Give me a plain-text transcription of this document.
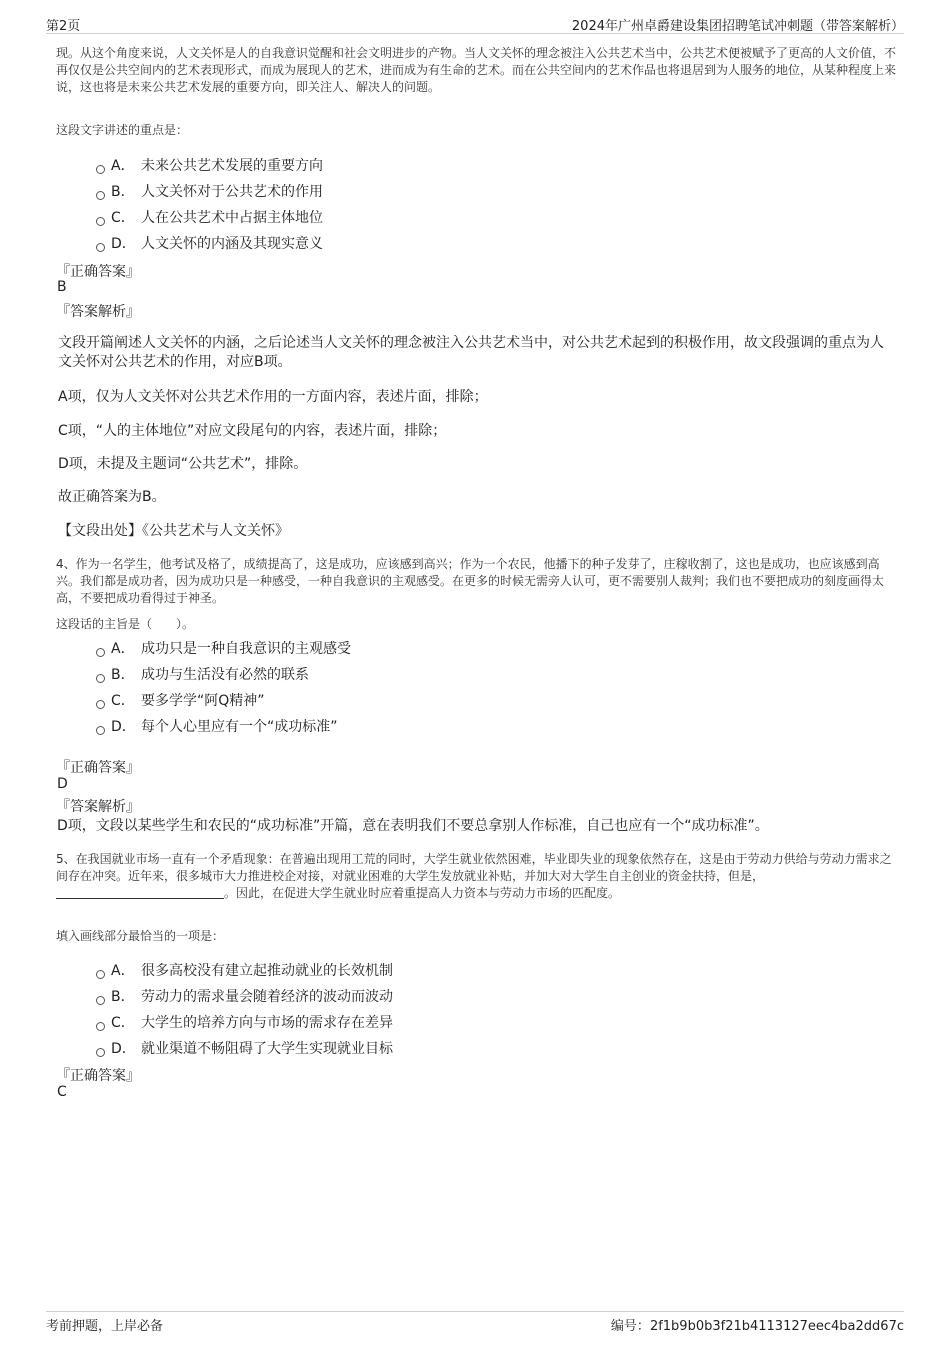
第2页	2024年广州卓爵建设集团招聘笔试冲刺题（带答案解析）
现。从这个角度来说，人文关怀是人的自我意识觉醒和社会文明进步的产物。当人文关怀的理念被注入公共艺术当中，公共艺术便被赋予了更高的人文价值，不再仅仅是公共空间内的艺术表现形式，而成为展现人的艺术，进而成为有生命的艺术。而在公共空间内的艺术作品也将退居到为人服务的地位，从某种程度上来说，这也将是未来公共艺术发展的重要方向，即关注人、解决人的问题。
这段文字讲述的重点是：
A． 未来公共艺术发展的重要方向
B． 人文关怀对于公共艺术的作用
C． 人在公共艺术中占据主体地位
D． 人文关怀的内涵及其现实意义
『正确答案』
B
『答案解析』
文段开篇阐述人文关怀的内涵，之后论述当人文关怀的理念被注入公共艺术当中，对公共艺术起到的积极作用，故文段强调的重点为人文关怀对公共艺术的作用，对应B项。
A项，仅为人文关怀对公共艺术作用的一方面内容，表述片面，排除；
C项，“人的主体地位”对应文段尾句的内容，表述片面，排除；
D项，未提及主题词“公共艺术”，排除。
故正确答案为B。
【文段出处】《公共艺术与人文关怀》
4、作为一名学生，他考试及格了，成绩提高了，这是成功，应该感到高兴；作为一个农民，他播下的种子发芽了，庄稼收割了，这也是成功，也应该感到高兴。我们都是成功者，因为成功只是一种感受，一种自我意识的主观感受。在更多的时候无需旁人认可，更不需要别人裁判；我们也不要把成功的刻度画得太高，不要把成功看得过于神圣。
这段话的主旨是（　　）。
A． 成功只是一种自我意识的主观感受
B． 成功与生活没有必然的联系
C． 要多学学“阿Q精神”
D． 每个人心里应有一个“成功标准”
『正确答案』
D
『答案解析』
D项，文段以某些学生和农民的“成功标准”开篇，意在表明我们不要总拿别人作标准，自己也应有一个“成功标准”。
5、在我国就业市场一直有一个矛盾现象：在普遍出现用工荒的同时，大学生就业依然困难，毕业即失业的现象依然存在，这是由于劳动力供给与劳动力需求之间存在冲突。近年来，很多城市大力推进校企对接，对就业困难的大学生发放就业补贴，并加大对大学生自主创业的资金扶持，但是，。因此，在促进大学生就业时应着重提高人力资本与劳动力市场的匹配度。
填入画线部分最恰当的一项是：
A． 很多高校没有建立起推动就业的长效机制
B． 劳动力的需求量会随着经济的波动而波动
C． 大学生的培养方向与市场的需求存在差异
D． 就业渠道不畅阻碍了大学生实现就业目标
『正确答案』
C
考前押题，上岸必备	编号：2f1b9b0b3f21b4113127eec4ba2dd67c
